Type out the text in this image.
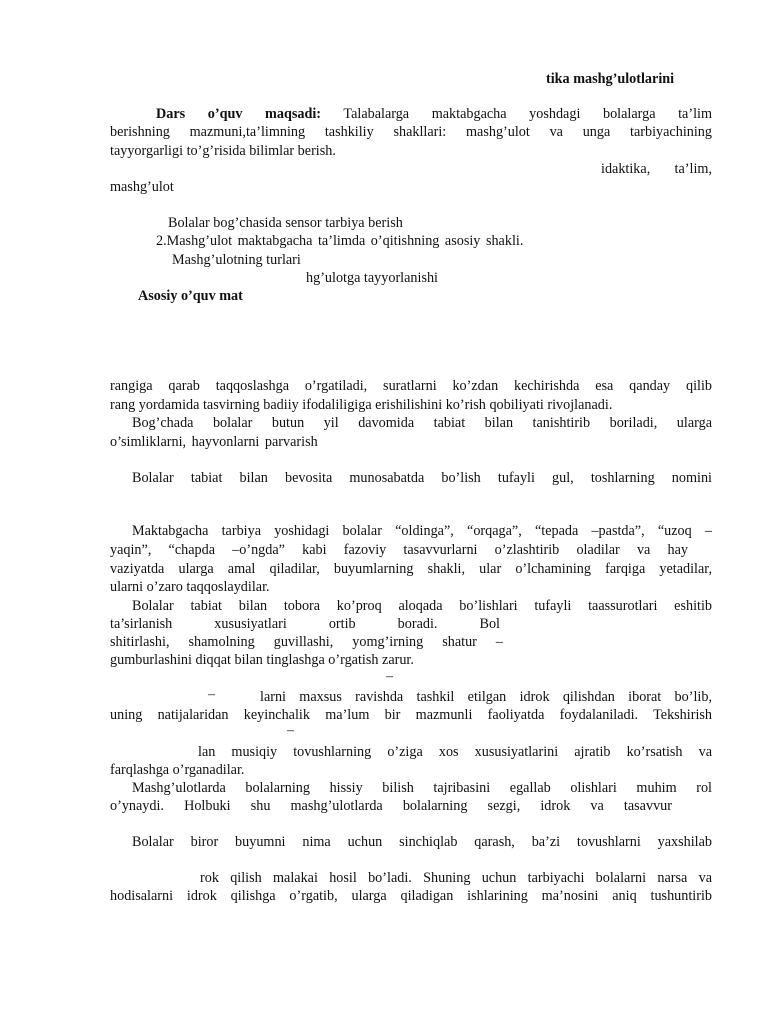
tika mashg’ulotlarini
Dars o’quv maqsadi: Talabalarga maktabgacha yoshdagi bolalarga ta’lim
berishning mazmuni,ta’limning tashkiliy shakllari: mashg’ulot va unga tarbiyachining
tayyorgarligi to’g’risida bilimlar berish.
idaktika, ta’lim,
mashg’ulot
Bolalar bog’chasida sensor tarbiya berish
2.Mashg’ulot maktabgacha ta’limda o’qitishning asosiy shakli.
Mashg’ulotning turlari
hg’ulotga tayyorlanishi
Asosiy o’quv mat
rangiga qarab taqqoslashga o’rgatiladi, suratlarni ko’zdan kechirishda esa qanday qilib
rang yordamida tasvirning badiiy ifodaliligiga erishilishini ko’rish qobiliyati rivojlanadi.
Bog’chada bolalar butun yil davomida tabiat bilan tanishtirib boriladi, ularga
o’simliklarni, hayvonlarni parvarish
Bolalar tabiat bilan bevosita munosabatda bo’lish tufayli gul, toshlarning nomini
Maktabgacha tarbiya yoshidagi bolalar “oldinga”, “orqaga”, “tepada –pastda”, “uzoq –
yaqin”, “chapda –o’ngda” kabi fazoviy tasavvurlarni o’zlashtirib oladilar va hay
vaziyatda ularga amal qiladilar, buyumlarning shakli, ular o’lchamining farqiga yetadilar,
ularni o’zaro taqqoslaydilar.
Bolalar tabiat bilan tobora ko’proq aloqada bo’lishlari tufayli taassurotlari eshitib
ta’sirlanish xususiyatlari ortib boradi. Bol
shitirlashi, shamolning guvillashi, yomg’irning shatur –
gumburlashini diqqat bilan tinglashga o’rgatish zarur.
–
–	larni maxsus ravishda tashkil etilgan idrok qilishdan iborat bo’lib,
uning natijalaridan keyinchalik ma’lum bir mazmunli faoliyatda foydalaniladi. Tekshirish
–
lan musiqiy tovushlarning o’ziga xos xususiyatlarini ajratib ko’rsatish va
farqlashga o’rganadilar.
Mashg’ulotlarda bolalarning hissiy bilish tajribasini egallab olishlari muhim rol
o’ynaydi. Holbuki shu mashg’ulotlarda bolalarning sezgi, idrok va tasavvur
Bolalar biror buyumni nima uchun sinchiqlab qarash, ba’zi tovushlarni yaxshilab
rok qilish malakai hosil bo’ladi. Shuning uchun tarbiyachi bolalarni narsa va
hodisalarni idrok qilishga o’rgatib, ularga qiladigan ishlarining ma’nosini aniq tushuntirib
